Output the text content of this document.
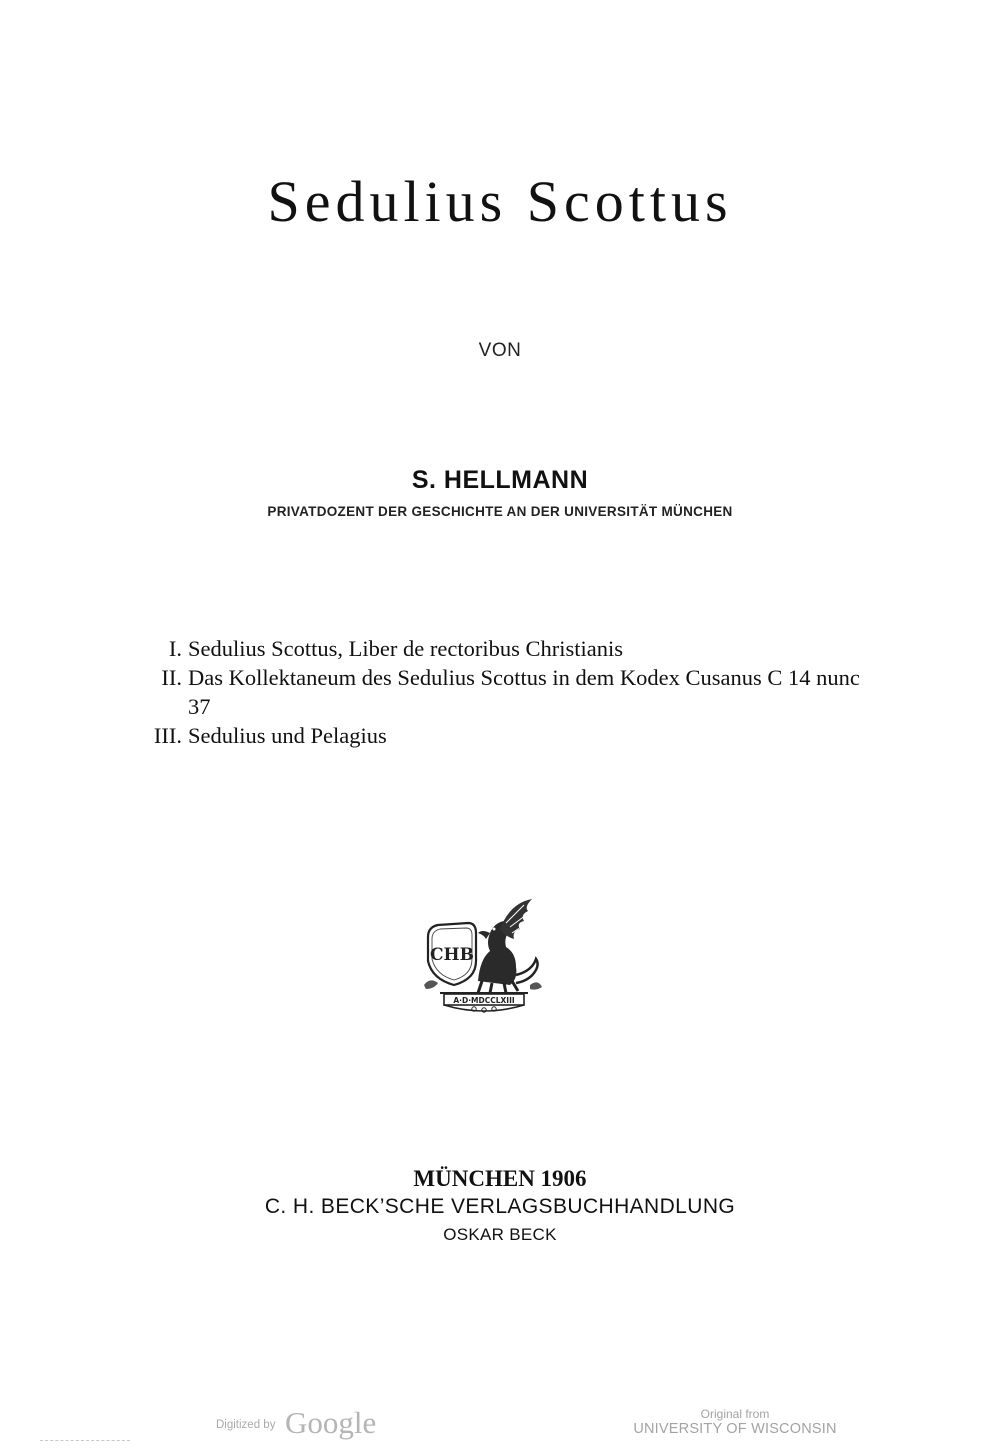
Sedulius Scottus
VON
S. HELLMANN
PRIVATDOZENT DER GESCHICHTE AN DER UNIVERSITÄT MÜNCHEN
I. Sedulius Scottus, Liber de rectoribus Christianis
II. Das Kollektaneum des Sedulius Scottus in dem Kodex Cusanus C 14 nunc 37
III. Sedulius und Pelagius
CHB
A·D·MDCCLXIII
MÜNCHEN 1906
C. H. BECK’SCHE VERLAGSBUCHHANDLUNG
OSKAR BECK
Digitized by Google	Original from
UNIVERSITY OF WISCONSIN
